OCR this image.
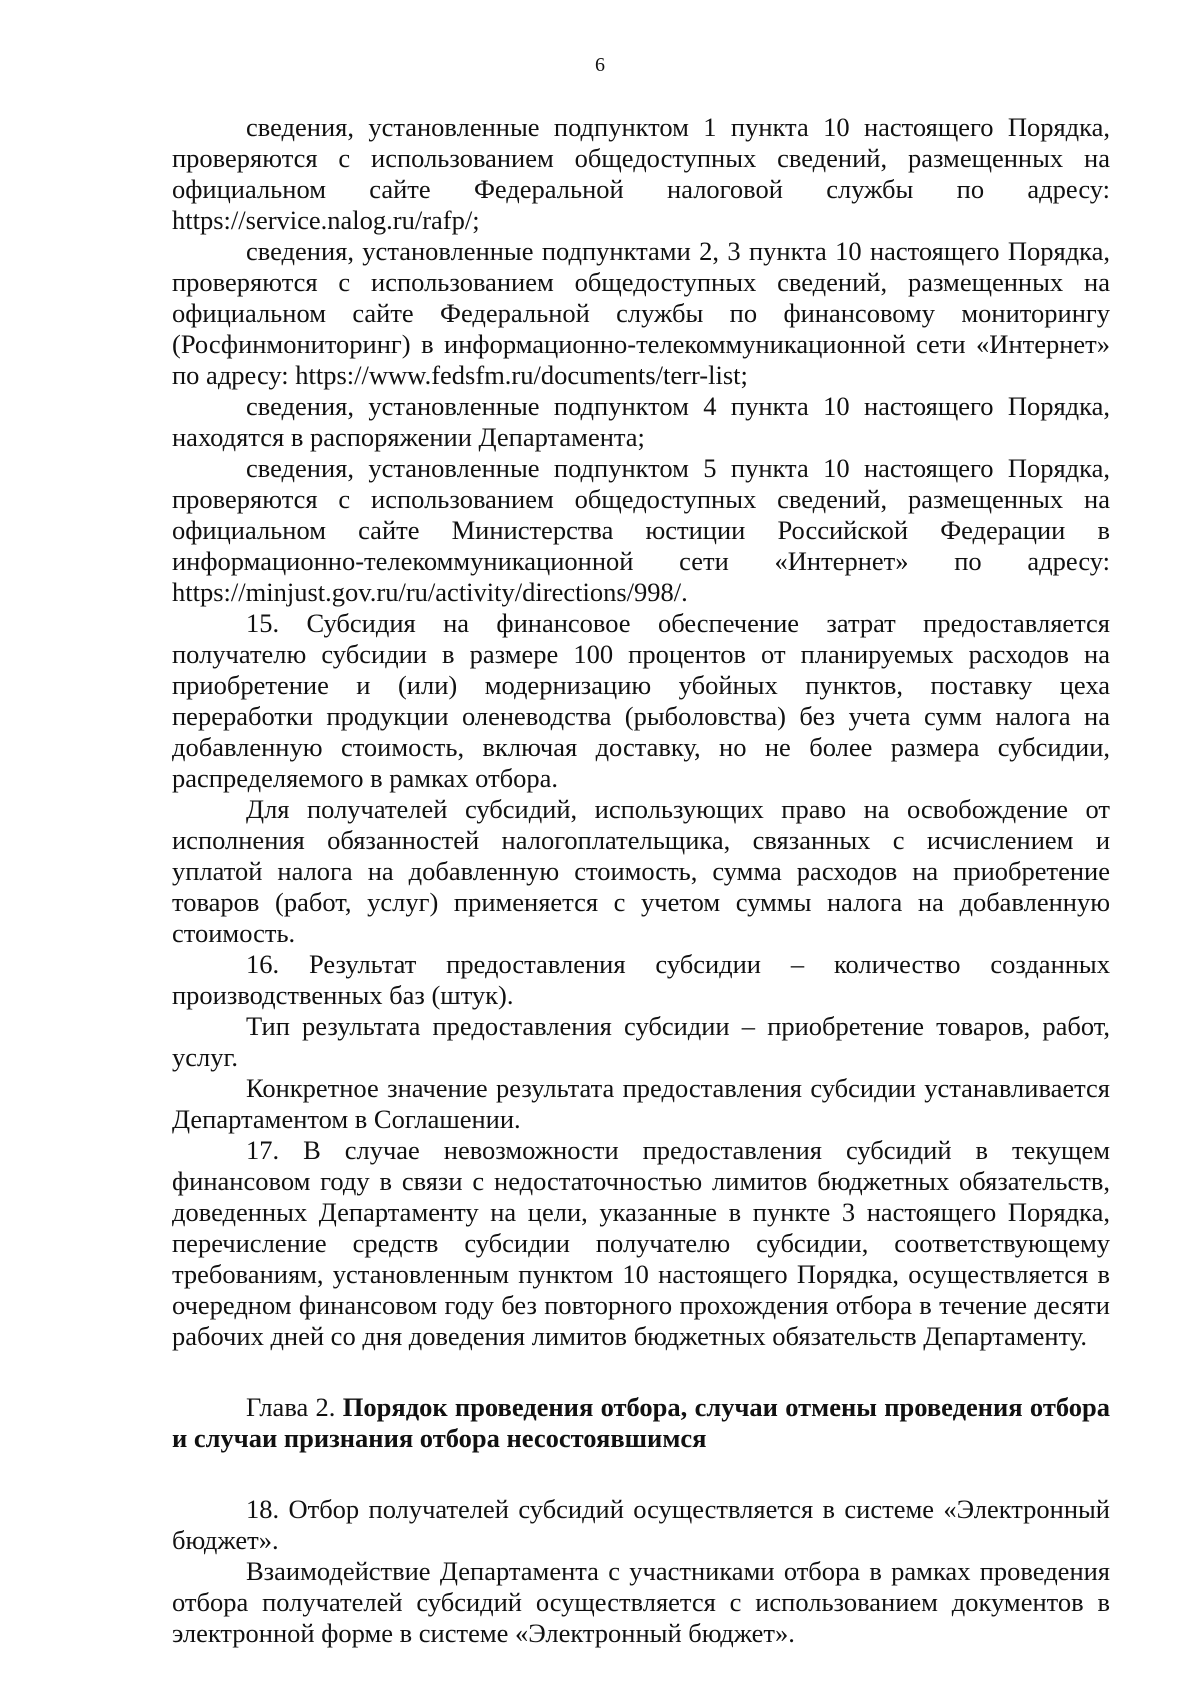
6

сведения, установленные подпунктом 1 пункта 10 настоящего Порядка, проверяются с использованием общедоступных сведений, размещенных на официальном сайте Федеральной налоговой службы по адресу: https://service.nalog.ru/rafp/;

сведения, установленные подпунктами 2, 3 пункта 10 настоящего Порядка, проверяются с использованием общедоступных сведений, размещенных на официальном сайте Федеральной службы по финансовому мониторингу (Росфинмониторинг) в информационно-телекоммуникационной сети «Интернет» по адресу: https://www.fedsfm.ru/documents/terr-list;

сведения, установленные подпунктом 4 пункта 10 настоящего Порядка, находятся в распоряжении Департамента;

сведения, установленные подпунктом 5 пункта 10 настоящего Порядка, проверяются с использованием общедоступных сведений, размещенных на официальном сайте Министерства юстиции Российской Федерации в информационно-телекоммуникационной сети «Интернет» по адресу: https://minjust.gov.ru/ru/activity/directions/998/.

15. Субсидия на финансовое обеспечение затрат предоставляется получателю субсидии в размере 100 процентов от планируемых расходов на приобретение и (или) модернизацию убойных пунктов, поставку цеха переработки продукции оленеводства (рыболовства) без учета сумм налога на добавленную стоимость, включая доставку, но не более размера субсидии, распределяемого в рамках отбора.

Для получателей субсидий, использующих право на освобождение от исполнения обязанностей налогоплательщика, связанных с исчислением и уплатой налога на добавленную стоимость, сумма расходов на приобретение товаров (работ, услуг) применяется с учетом суммы налога на добавленную стоимость.

16. Результат предоставления субсидии – количество созданных производственных баз (штук).

Тип результата предоставления субсидии – приобретение товаров, работ, услуг.

Конкретное значение результата предоставления субсидии устанавливается Департаментом в Соглашении.

17. В случае невозможности предоставления субсидий в текущем финансовом году в связи с недостаточностью лимитов бюджетных обязательств, доведенных Департаменту на цели, указанные в пункте 3 настоящего Порядка, перечисление средств субсидии получателю субсидии, соответствующему требованиям, установленным пунктом 10 настоящего Порядка, осуществляется в очередном финансовом году без повторного прохождения отбора в течение десяти рабочих дней со дня доведения лимитов бюджетных обязательств Департаменту.

Глава 2. Порядок проведения отбора, случаи отмены проведения отбора и случаи признания отбора несостоявшимся

18. Отбор получателей субсидий осуществляется в системе «Электронный бюджет».

Взаимодействие Департамента с участниками отбора в рамках проведения отбора получателей субсидий осуществляется с использованием документов в электронной форме в системе «Электронный бюджет».
